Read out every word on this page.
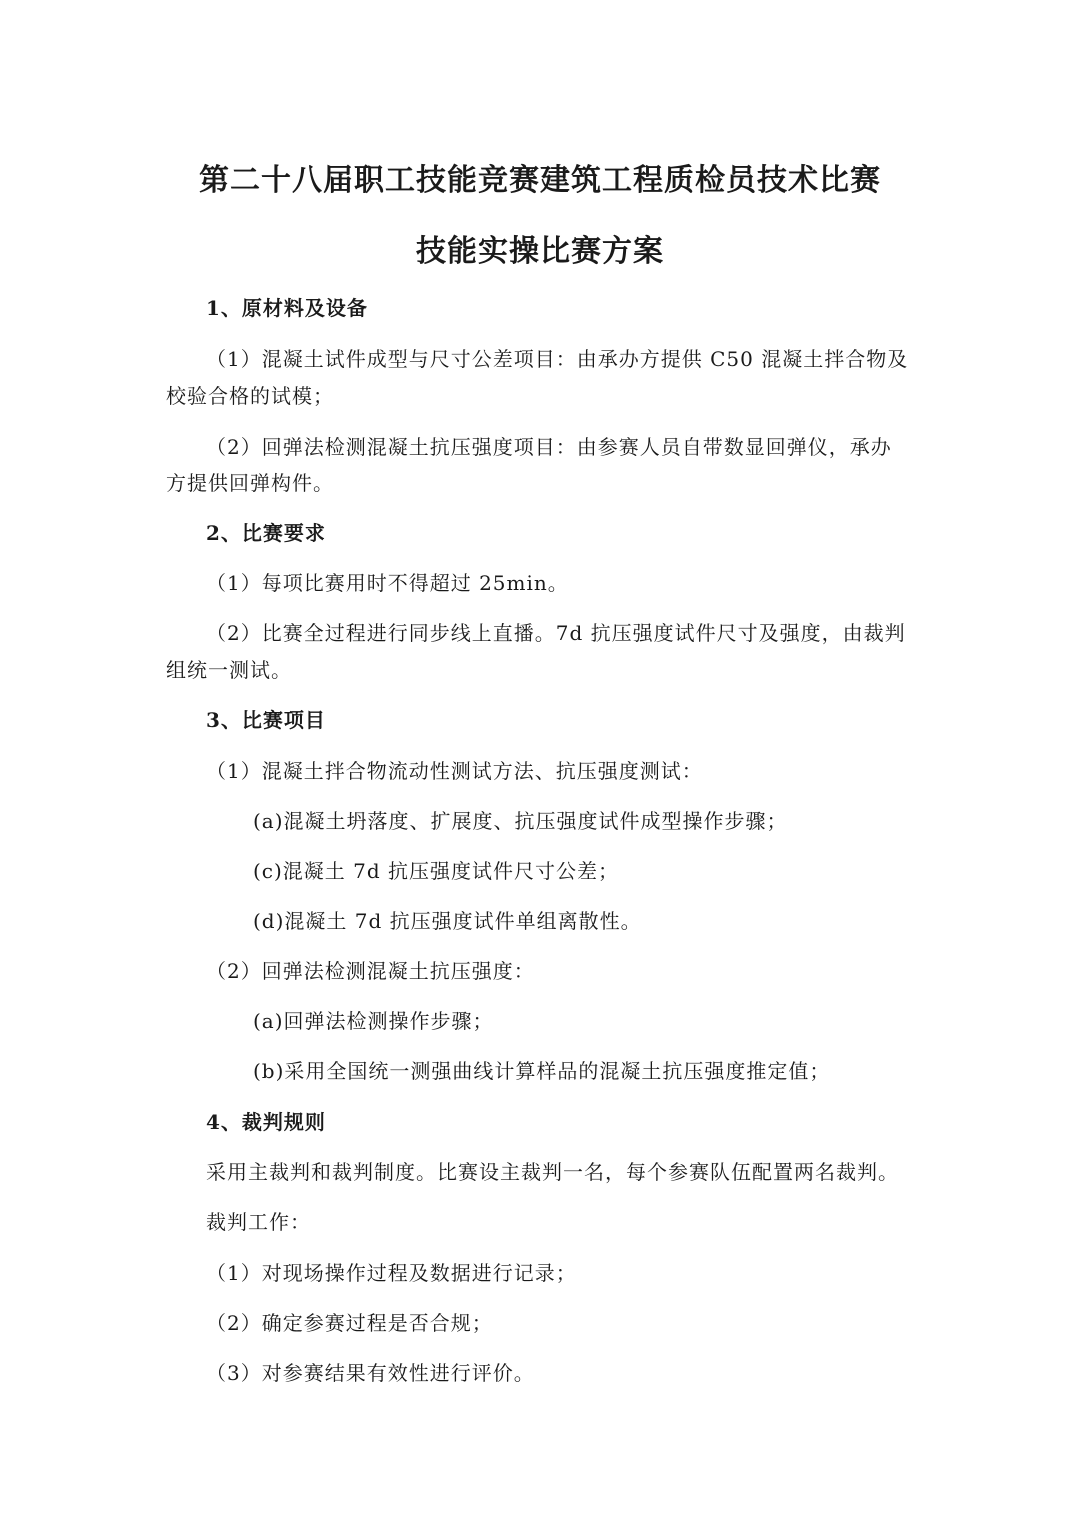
第二十八届职工技能竞赛建筑工程质检员技术比赛
技能实操比赛方案
1、原材料及设备
（1）混凝土试件成型与尺寸公差项目：由承办方提供 C50 混凝土拌合物及
校验合格的试模；
（2）回弹法检测混凝土抗压强度项目：由参赛人员自带数显回弹仪，承办
方提供回弹构件。
2、比赛要求
（1）每项比赛用时不得超过 25min。
（2）比赛全过程进行同步线上直播。7d 抗压强度试件尺寸及强度，由裁判
组统一测试。
3、比赛项目
（1）混凝土拌合物流动性测试方法、抗压强度测试：
(a)混凝土坍落度、扩展度、抗压强度试件成型操作步骤；
(c)混凝土 7d 抗压强度试件尺寸公差；
(d)混凝土 7d 抗压强度试件单组离散性。
（2）回弹法检测混凝土抗压强度：
(a)回弹法检测操作步骤；
(b)采用全国统一测强曲线计算样品的混凝土抗压强度推定值；
4、裁判规则
采用主裁判和裁判制度。比赛设主裁判一名，每个参赛队伍配置两名裁判。
裁判工作：
（1）对现场操作过程及数据进行记录；
（2）确定参赛过程是否合规；
（3）对参赛结果有效性进行评价。
